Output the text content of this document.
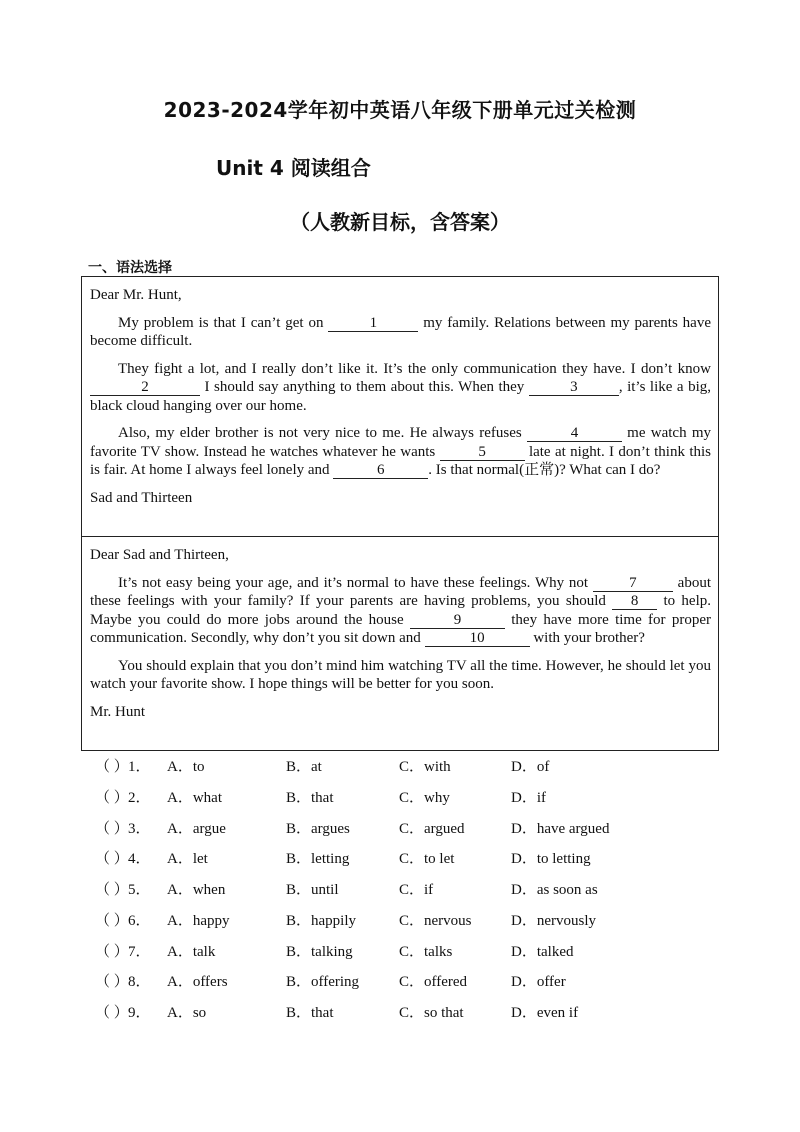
2023-2024学年初中英语八年级下册单元过关检测
Unit 4 阅读组合
（人教新目标，含答案）
一、语法选择

Dear Mr. Hunt,

My problem is that I can’t get on	1	my family. Relations between my parents have become difficult.

They fight a lot, and I really don’t like it. It’s the only communication they have. I don’t know2	I should say anything to them about this. When they	3	, it’s like a big, black cloud hanging over our home.

Also, my elder brother is not very nice to me. He always refuses	4	me watch my favorite TV show. Instead he watches whatever he wants	5	late at night. I don’t think this is fair. At home I always feel lonely and	6	. Is that normal(正常)? What can I do?

Sad and Thirteen

Dear Sad and Thirteen,

It’s not easy being your age, and it’s normal to have these feelings. Why not 7 about these feelings with your family? If your parents are having problems, you should 8 to help. Maybe you could do more jobs around the house	9	they have more time for proper communication. Secondly, why don’t you sit down and	10	with your brother?

You should explain that you don’t mind him watching TV all the time. However, he should let you watch your favorite show. I hope things will be better for you soon.

Mr. Hunt

（ ） 1． A．to	B．at	C．with	D．of
（ ） 2． A．what	B．that	C．why	D．if
（ ） 3． A．argue	B．argues	C．argued	D．have argued
（ ） 4． A．let	B．letting	C．to let	D．to letting
（ ） 5． A．when	B．until	C．if	D．as soon as
（ ） 6． A．happy	B．happily	C．nervous	D．nervously
（ ） 7． A．talk	B．talking	C．talks	D．talked
（ ） 8． A．offers	B．offering	C．offered	D．offer
（ ） 9． A．so	B．that	C．so that	D．even if
